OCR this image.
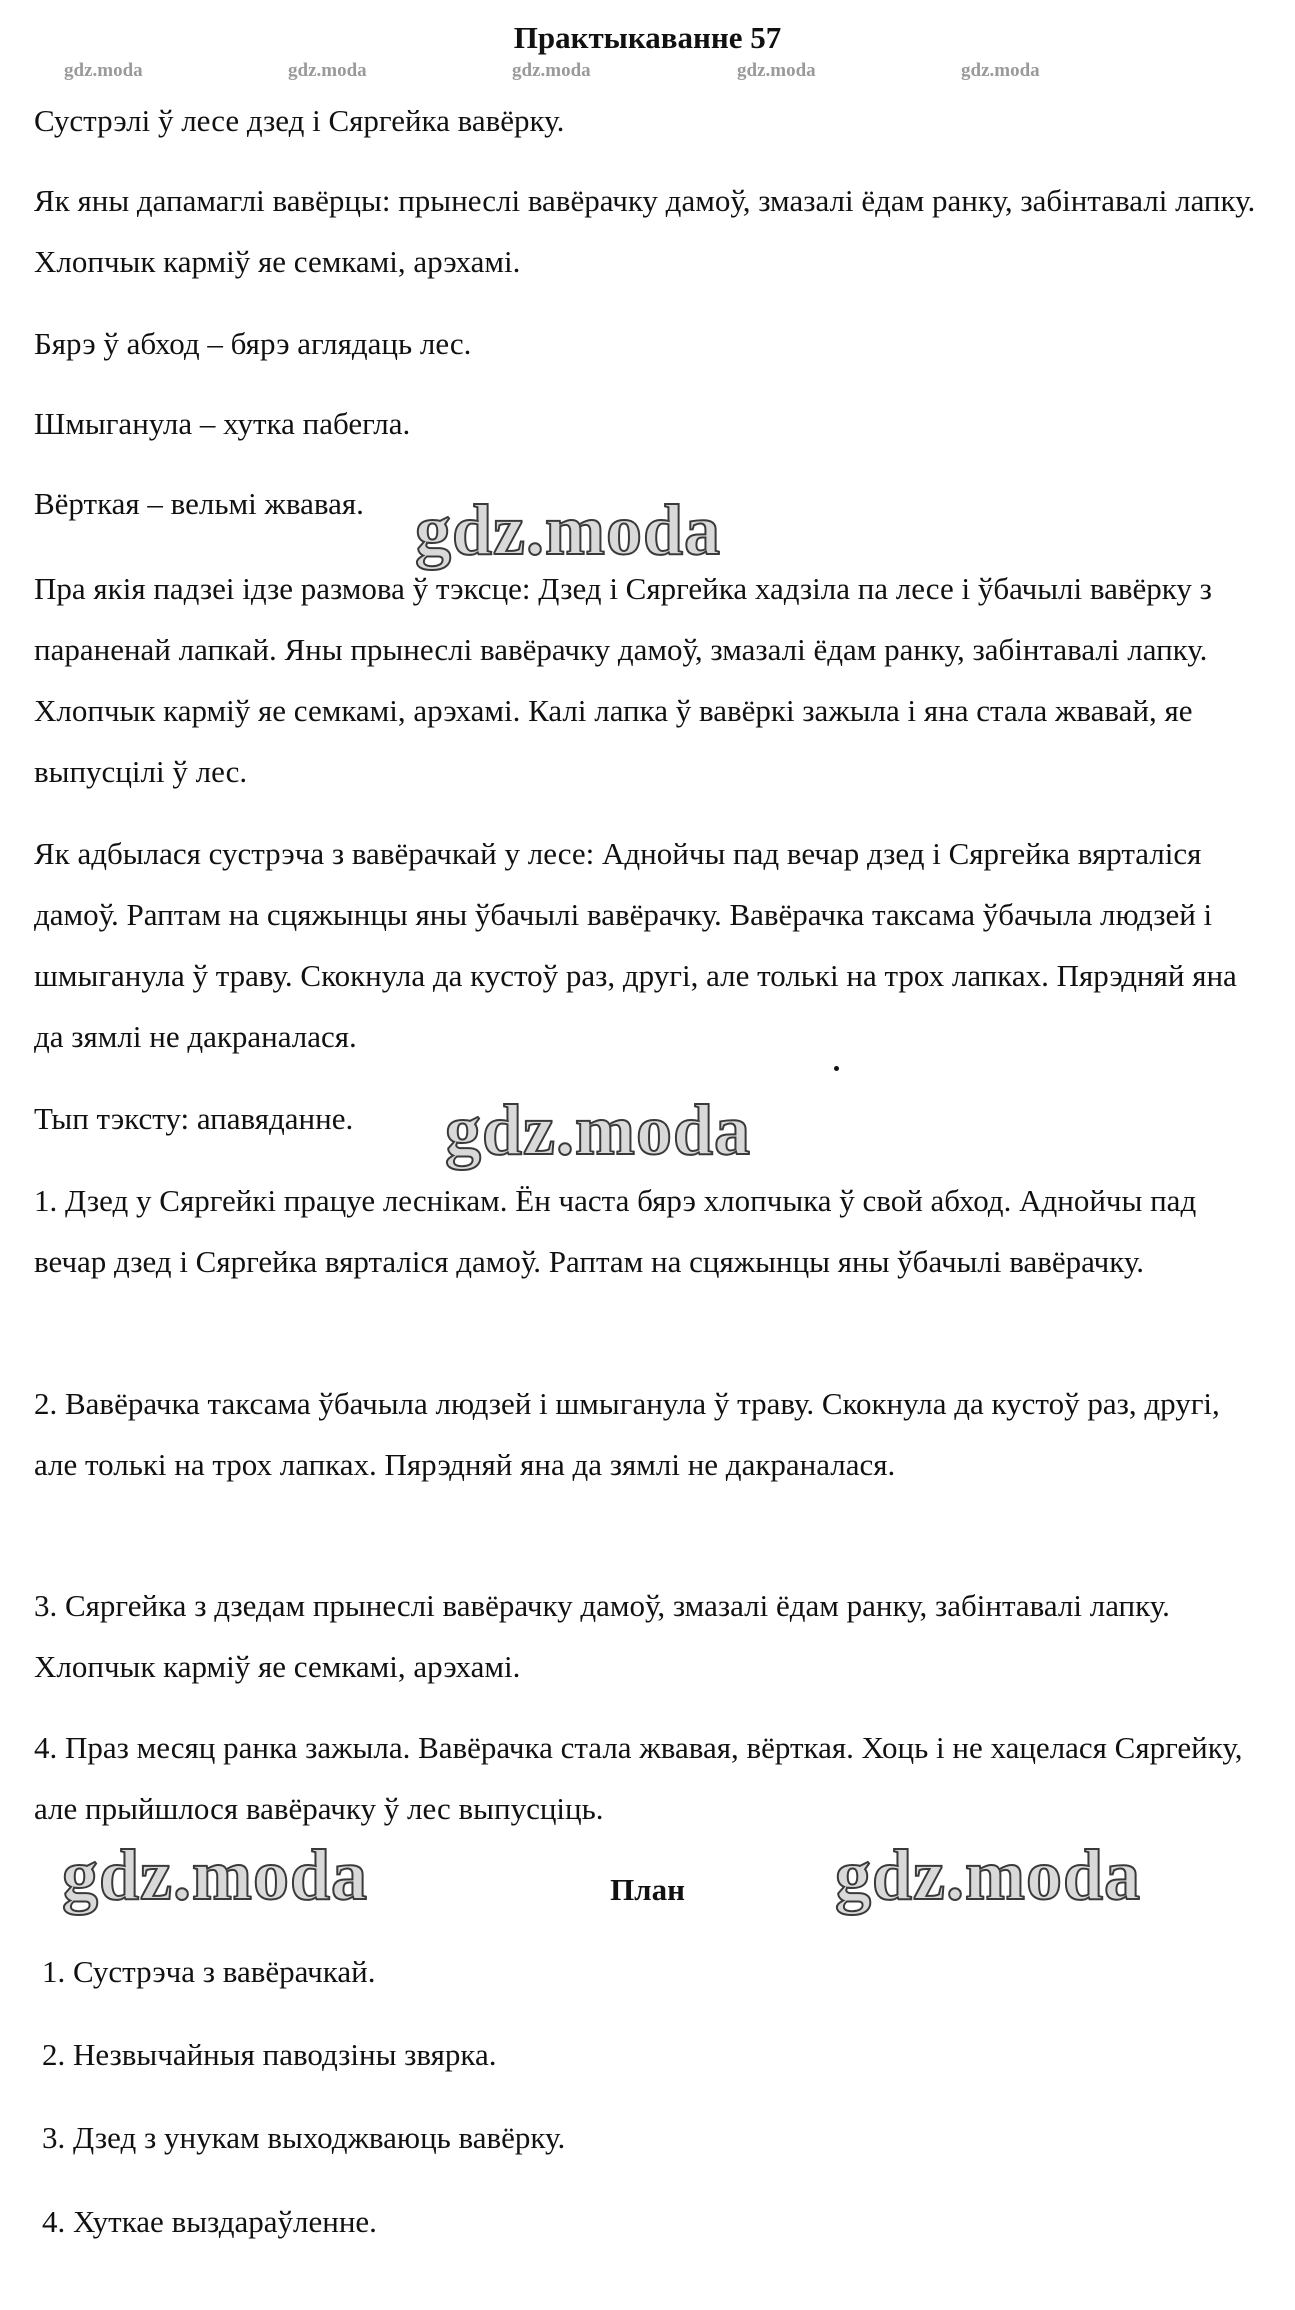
Практыкаванне 57
gdz.moda	gdz.moda	gdz.moda	gdz.moda	gdz.moda
Сустрэлі ў лесе дзед і Сяргейка вавёрку.
Як яны дапамаглі вавёрцы: прынеслі вавёрачку дамоў, змазалі ёдам ранку, забінтавалі лапку. Хлопчык карміў яе семкамі, арэхамі.
Бярэ ў абход – бярэ аглядаць лес.
Шмыганула – хутка пабегла.
Вёрткая – вельмі жвавая.
Пра якія падзеі ідзе размова ў тэксце: Дзед і Сяргейка хадзіла па лесе і ўбачылі вавёрку з параненай лапкай. Яны прынеслі вавёрачку дамоў, змазалі ёдам ранку, забінтавалі лапку. Хлопчык карміў яе семкамі, арэхамі. Калі лапка ў вавёркі зажыла і яна стала жвавай, яе выпусцілі ў лес.
Як адбылася сустрэча з вавёрачкай у лесе: Аднойчы пад вечар дзед і Сяргейка вярталіся дамоў. Раптам на сцяжынцы яны ўбачылі вавёрачку. Вавёрачка таксама ўбачыла людзей і шмыганула ў траву. Скокнула да кустоў раз, другі, але толькі на трох лапках. Пярэдняй яна да зямлі не дакраналася.
Тып тэксту: апавяданне.
1. Дзед у Сяргейкі працуе леснікам. Ён часта бярэ хлопчыка ў свой абход. Аднойчы пад вечар дзед і Сяргейка вярталіся дамоў. Раптам на сцяжынцы яны ўбачылі вавёрачку.
2. Вавёрачка таксама ўбачыла людзей і шмыганула ў траву. Скокнула да кустоў раз, другі, але толькі на трох лапках. Пярэдняй яна да зямлі не дакраналася.
3. Сяргейка з дзедам прынеслі вавёрачку дамоў, змазалі ёдам ранку, забінтавалі лапку. Хлопчык карміў яе семкамі, арэхамі.
4. Праз месяц ранка зажыла. Вавёрачка стала жвавая, вёрткая. Хоць і не хацелася Сяргейку, але прыйшлося вавёрачку ў лес выпусціць.
План
1. Сустрэча з вавёрачкай.
2. Незвычайныя паводзіны звярка.
3. Дзед з унукам выходжваюць вавёрку.
4. Хуткае выздараўленне.
gdz.moda
gdz.moda
gdz.moda	gdz.moda
